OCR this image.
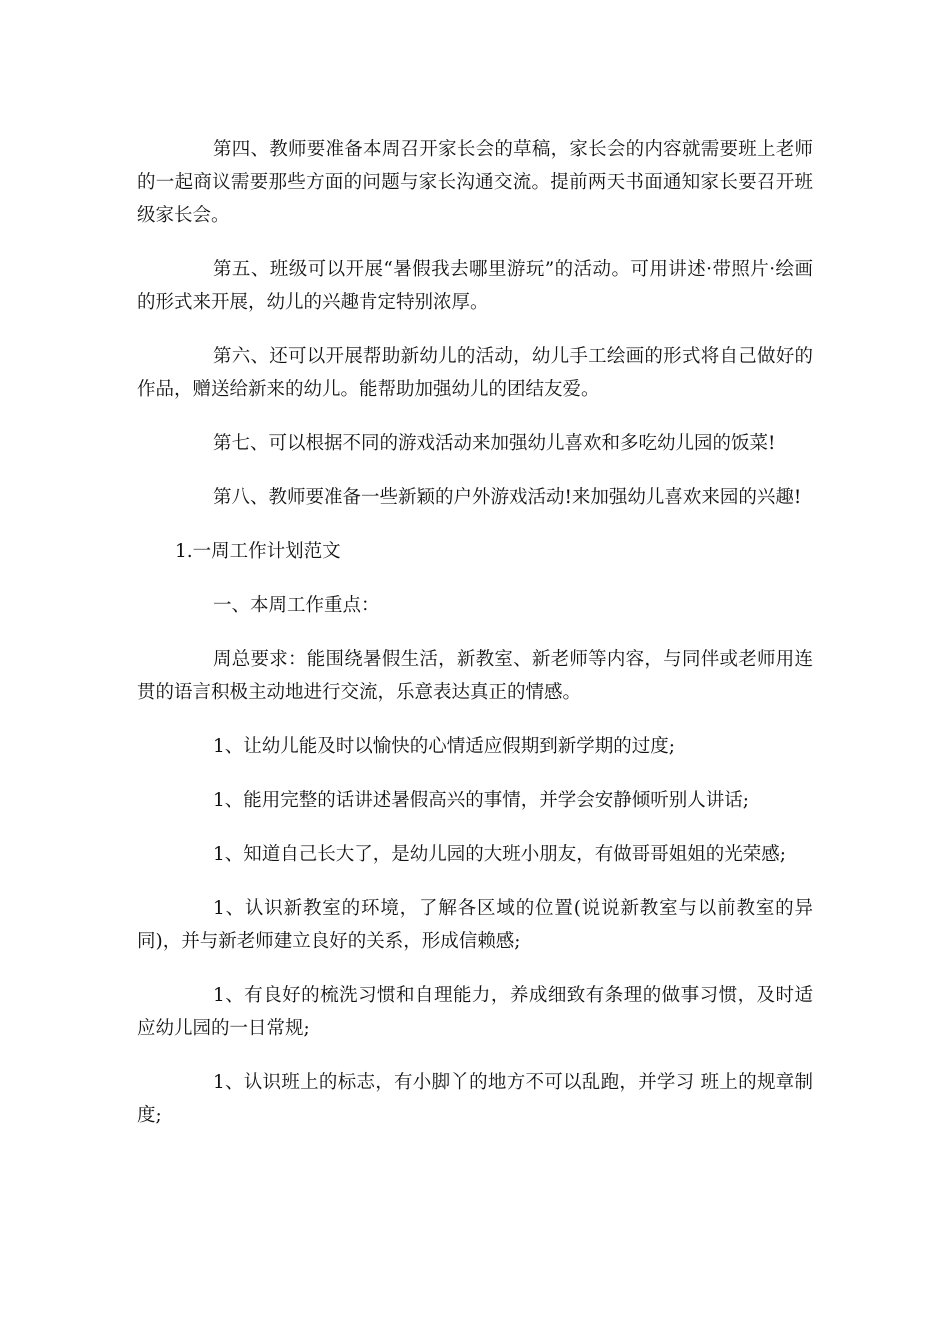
第四、教师要准备本周召开家长会的草稿，家长会的内容就需要班上老师的一起商议需要那些方面的问题与家长沟通交流。提前两天书面通知家长要召开班级家长会。

第五、班级可以开展“暑假我去哪里游玩”的活动。可用讲述·带照片·绘画的形式来开展，幼儿的兴趣肯定特别浓厚。

第六、还可以开展帮助新幼儿的活动，幼儿手工绘画的形式将自己做好的作品，赠送给新来的幼儿。能帮助加强幼儿的团结友爱。

第七、可以根据不同的游戏活动来加强幼儿喜欢和多吃幼儿园的饭菜!

第八、教师要准备一些新颖的户外游戏活动!来加强幼儿喜欢来园的兴趣!

1.一周工作计划范文

一、本周工作重点：

周总要求：能围绕暑假生活，新教室、新老师等内容，与同伴或老师用连贯的语言积极主动地进行交流，乐意表达真正的情感。

1、让幼儿能及时以愉快的心情适应假期到新学期的过度;

1、能用完整的话讲述暑假高兴的事情，并学会安静倾听别人讲话;

1、知道自己长大了，是幼儿园的大班小朋友，有做哥哥姐姐的光荣感;

1、认识新教室的环境，了解各区域的位置(说说新教室与以前教室的异同)，并与新老师建立良好的关系，形成信赖感;

1、有良好的梳洗习惯和自理能力，养成细致有条理的做事习惯，及时适应幼儿园的一日常规;

1、认识班上的标志，有小脚丫的地方不可以乱跑，并学习 班上的规章制度;
